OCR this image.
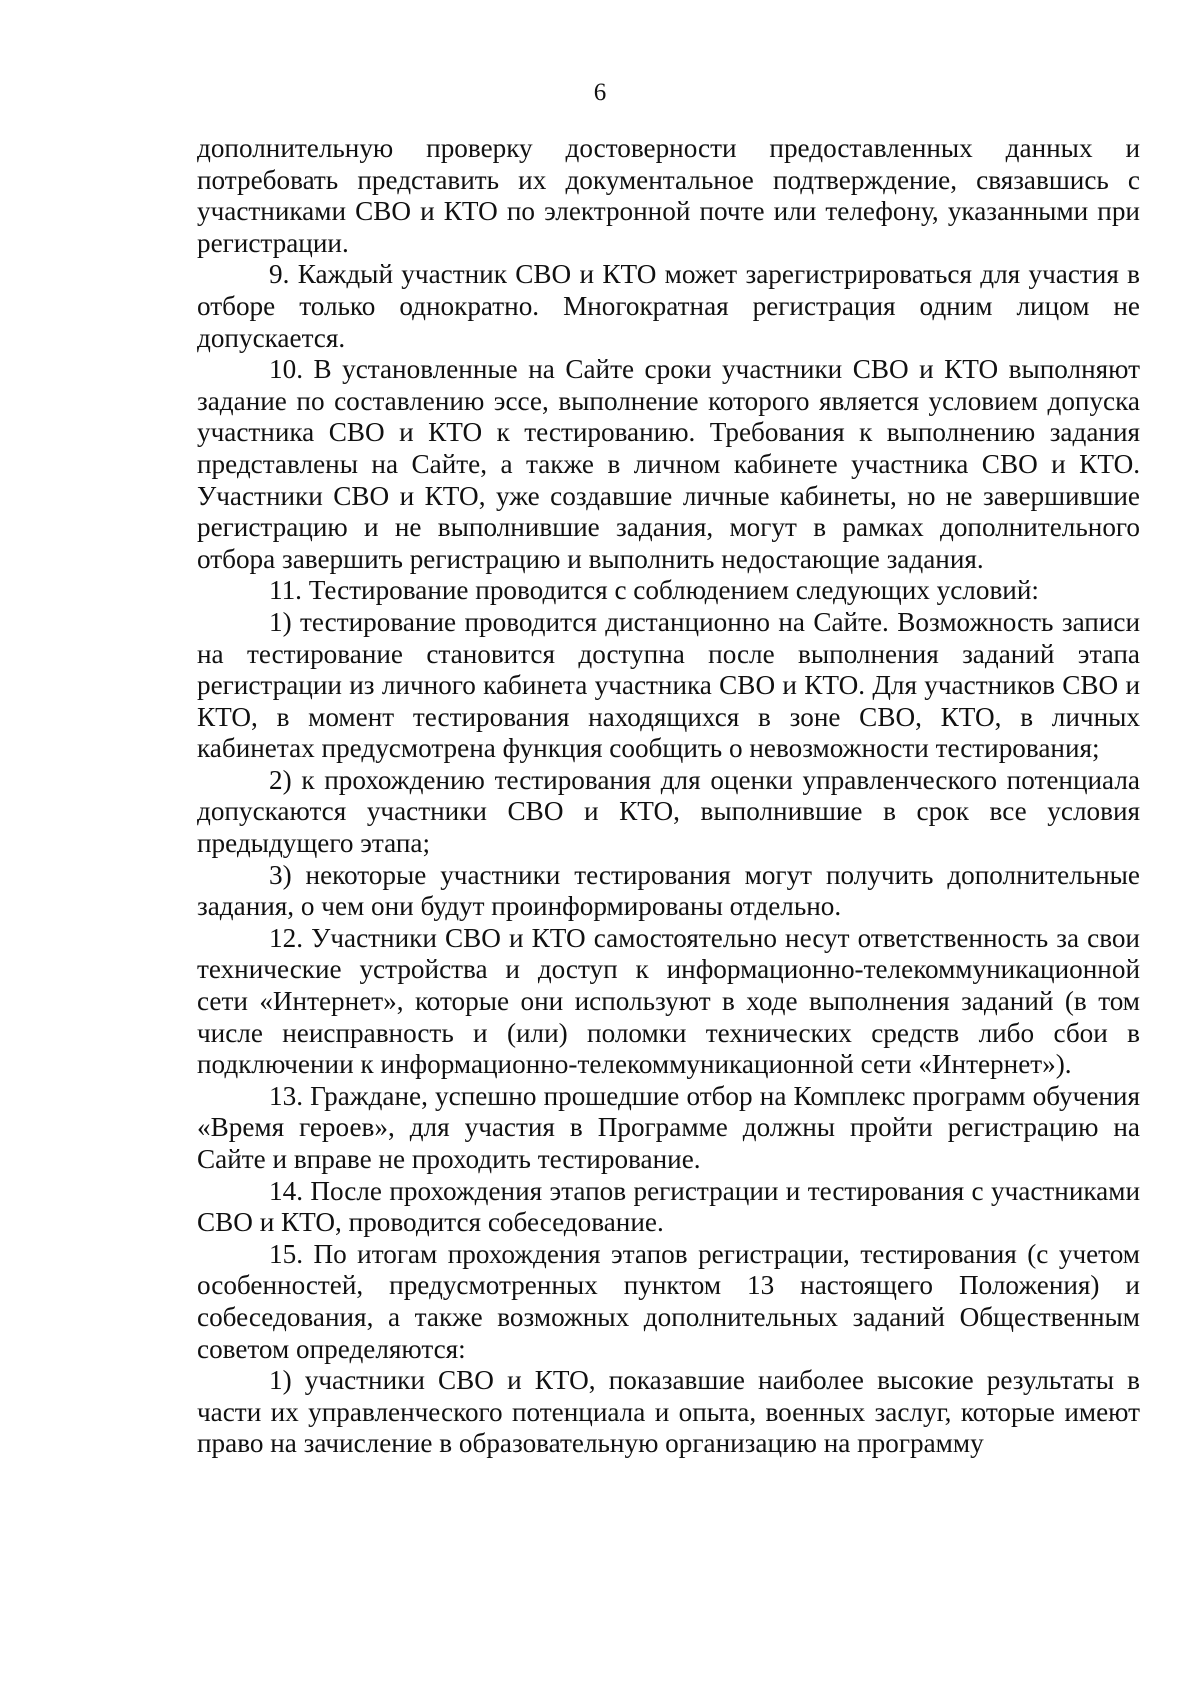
6

дополнительную проверку достоверности предоставленных данных и потребовать представить их документальное подтверждение, связавшись с участниками СВО и КТО по электронной почте или телефону, указанными при регистрации.

9. Каждый участник СВО и КТО может зарегистрироваться для участия в отборе только однократно. Многократная регистрация одним лицом не допускается.

10. В установленные на Сайте сроки участники СВО и КТО выполняют задание по составлению эссе, выполнение которого является условием допуска участника СВО и КТО к тестированию. Требования к выполнению задания представлены на Сайте, а также в личном кабинете участника СВО и КТО. Участники СВО и КТО, уже создавшие личные кабинеты, но не завершившие регистрацию и не выполнившие задания, могут в рамках дополнительного отбора завершить регистрацию и выполнить недостающие задания.

11. Тестирование проводится с соблюдением следующих условий:

1) тестирование проводится дистанционно на Сайте. Возможность записи на тестирование становится доступна после выполнения заданий этапа регистрации из личного кабинета участника СВО и КТО. Для участников СВО и КТО, в момент тестирования находящихся в зоне СВО, КТО, в личных кабинетах предусмотрена функция сообщить о невозможности тестирования;

2) к прохождению тестирования для оценки управленческого потенциала допускаются участники СВО и КТО, выполнившие в срок все условия предыдущего этапа;

3) некоторые участники тестирования могут получить дополнительные задания, о чем они будут проинформированы отдельно.

12. Участники СВО и КТО самостоятельно несут ответственность за свои технические устройства и доступ к информационно-телекоммуникационной сети «Интернет», которые они используют в ходе выполнения заданий (в том числе неисправность и (или) поломки технических средств либо сбои в подключении к информационно-телекоммуникационной сети «Интернет»).

13. Граждане, успешно прошедшие отбор на Комплекс программ обучения «Время героев», для участия в Программе должны пройти регистрацию на Сайте и вправе не проходить тестирование.

14. После прохождения этапов регистрации и тестирования с участниками СВО и КТО, проводится собеседование.

15. По итогам прохождения этапов регистрации, тестирования (с учетом особенностей, предусмотренных пунктом 13 настоящего Положения) и собеседования, а также возможных дополнительных заданий Общественным советом определяются:

1) участники СВО и КТО, показавшие наиболее высокие результаты в части их управленческого потенциала и опыта, военных заслуг, которые имеют право на зачисление в образовательную организацию на программу
